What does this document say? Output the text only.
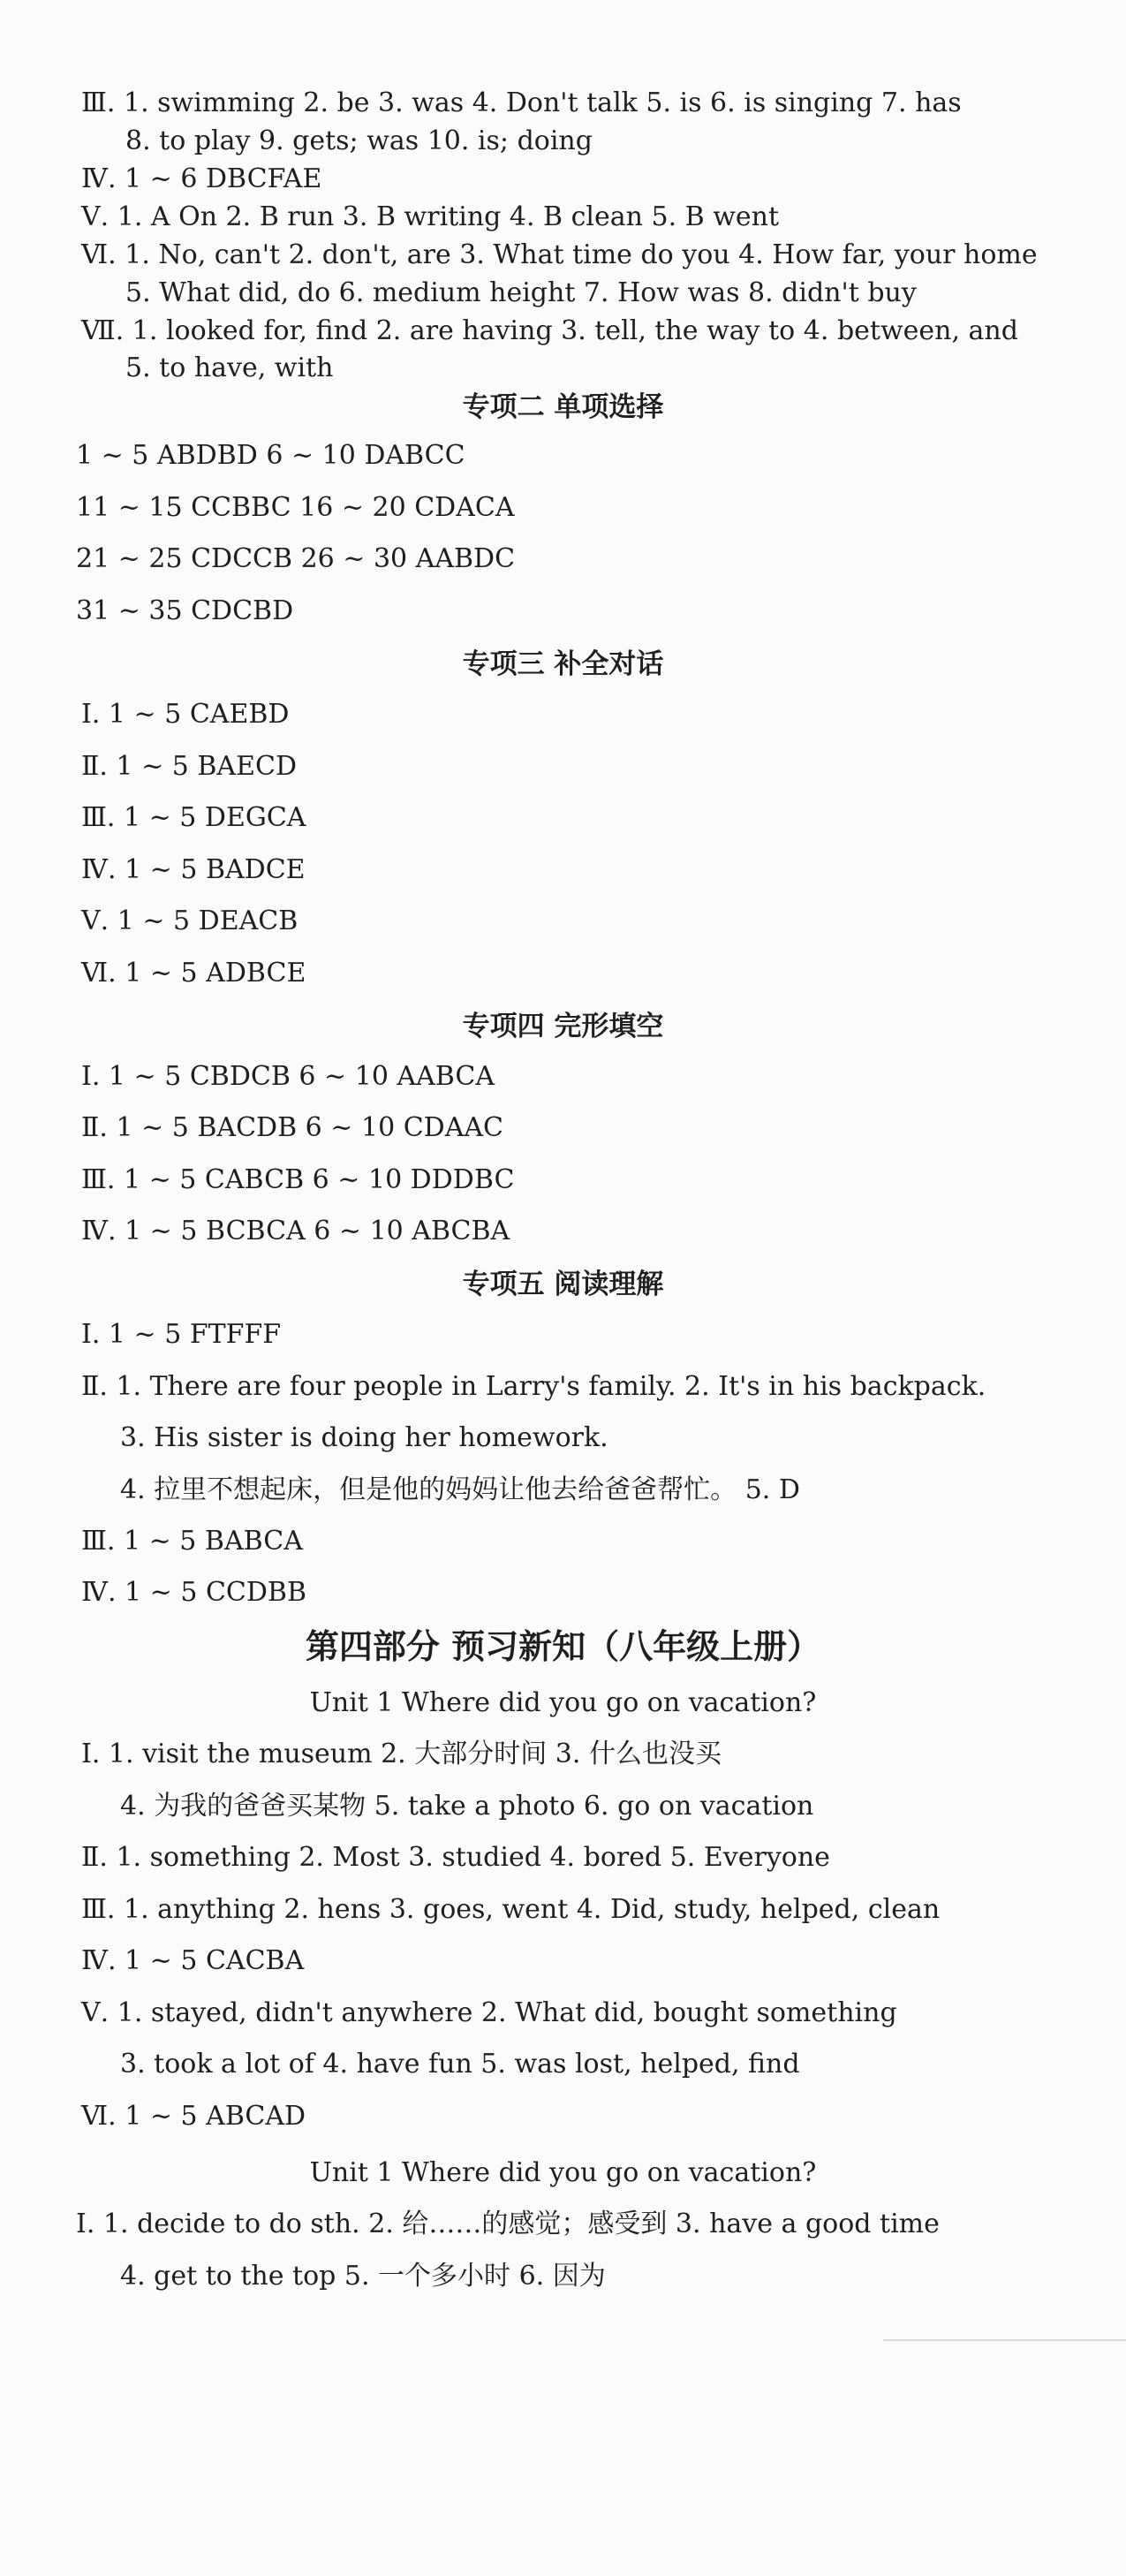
Ⅲ. 1. swimming 2. be 3. was 4. Don't talk 5. is 6. is singing 7. has
8. to play 9. gets; was 10. is; doing
Ⅳ. 1 ~ 6 DBCFAE
Ⅴ. 1. A On 2. B run 3. B writing 4. B clean 5. B went
Ⅵ. 1. No, can't 2. don't, are 3. What time do you 4. How far, your home
5. What did, do 6. medium height 7. How was 8. didn't buy
Ⅶ. 1. looked for, find 2. are having 3. tell, the way to 4. between, and
5. to have, with
专项二 单项选择
1 ~ 5 ABDBD 6 ~ 10 DABCC
11 ~ 15 CCBBC 16 ~ 20 CDACA
21 ~ 25 CDCCB 26 ~ 30 AABDC
31 ~ 35 CDCBD
专项三 补全对话
Ⅰ. 1 ~ 5 CAEBD
Ⅱ. 1 ~ 5 BAECD
Ⅲ. 1 ~ 5 DEGCA
Ⅳ. 1 ~ 5 BADCE
Ⅴ. 1 ~ 5 DEACB
Ⅵ. 1 ~ 5 ADBCE
专项四 完形填空
Ⅰ. 1 ~ 5 CBDCB 6 ~ 10 AABCA
Ⅱ. 1 ~ 5 BACDB 6 ~ 10 CDAAC
Ⅲ. 1 ~ 5 CABCB 6 ~ 10 DDDBC
Ⅳ. 1 ~ 5 BCBCA 6 ~ 10 ABCBA
专项五 阅读理解
Ⅰ. 1 ~ 5 FTFFF
Ⅱ. 1. There are four people in Larry's family. 2. It's in his backpack.
3. His sister is doing her homework.
4. 拉里不想起床，但是他的妈妈让他去给爸爸帮忙。 5. D
Ⅲ. 1 ~ 5 BABCA
Ⅳ. 1 ~ 5 CCDBB
第四部分 预习新知（八年级上册）
Unit 1 Where did you go on vacation?
Ⅰ. 1. visit the museum 2. 大部分时间 3. 什么也没买
4. 为我的爸爸买某物 5. take a photo 6. go on vacation
Ⅱ. 1. something 2. Most 3. studied 4. bored 5. Everyone
Ⅲ. 1. anything 2. hens 3. goes, went 4. Did, study, helped, clean
Ⅳ. 1 ~ 5 CACBA
Ⅴ. 1. stayed, didn't anywhere 2. What did, bought something
3. took a lot of 4. have fun 5. was lost, helped, find
Ⅵ. 1 ~ 5 ABCAD
Unit 1 Where did you go on vacation?
Ⅰ. 1. decide to do sth. 2. 给……的感觉；感受到 3. have a good time
4. get to the top 5. 一个多小时 6. 因为
